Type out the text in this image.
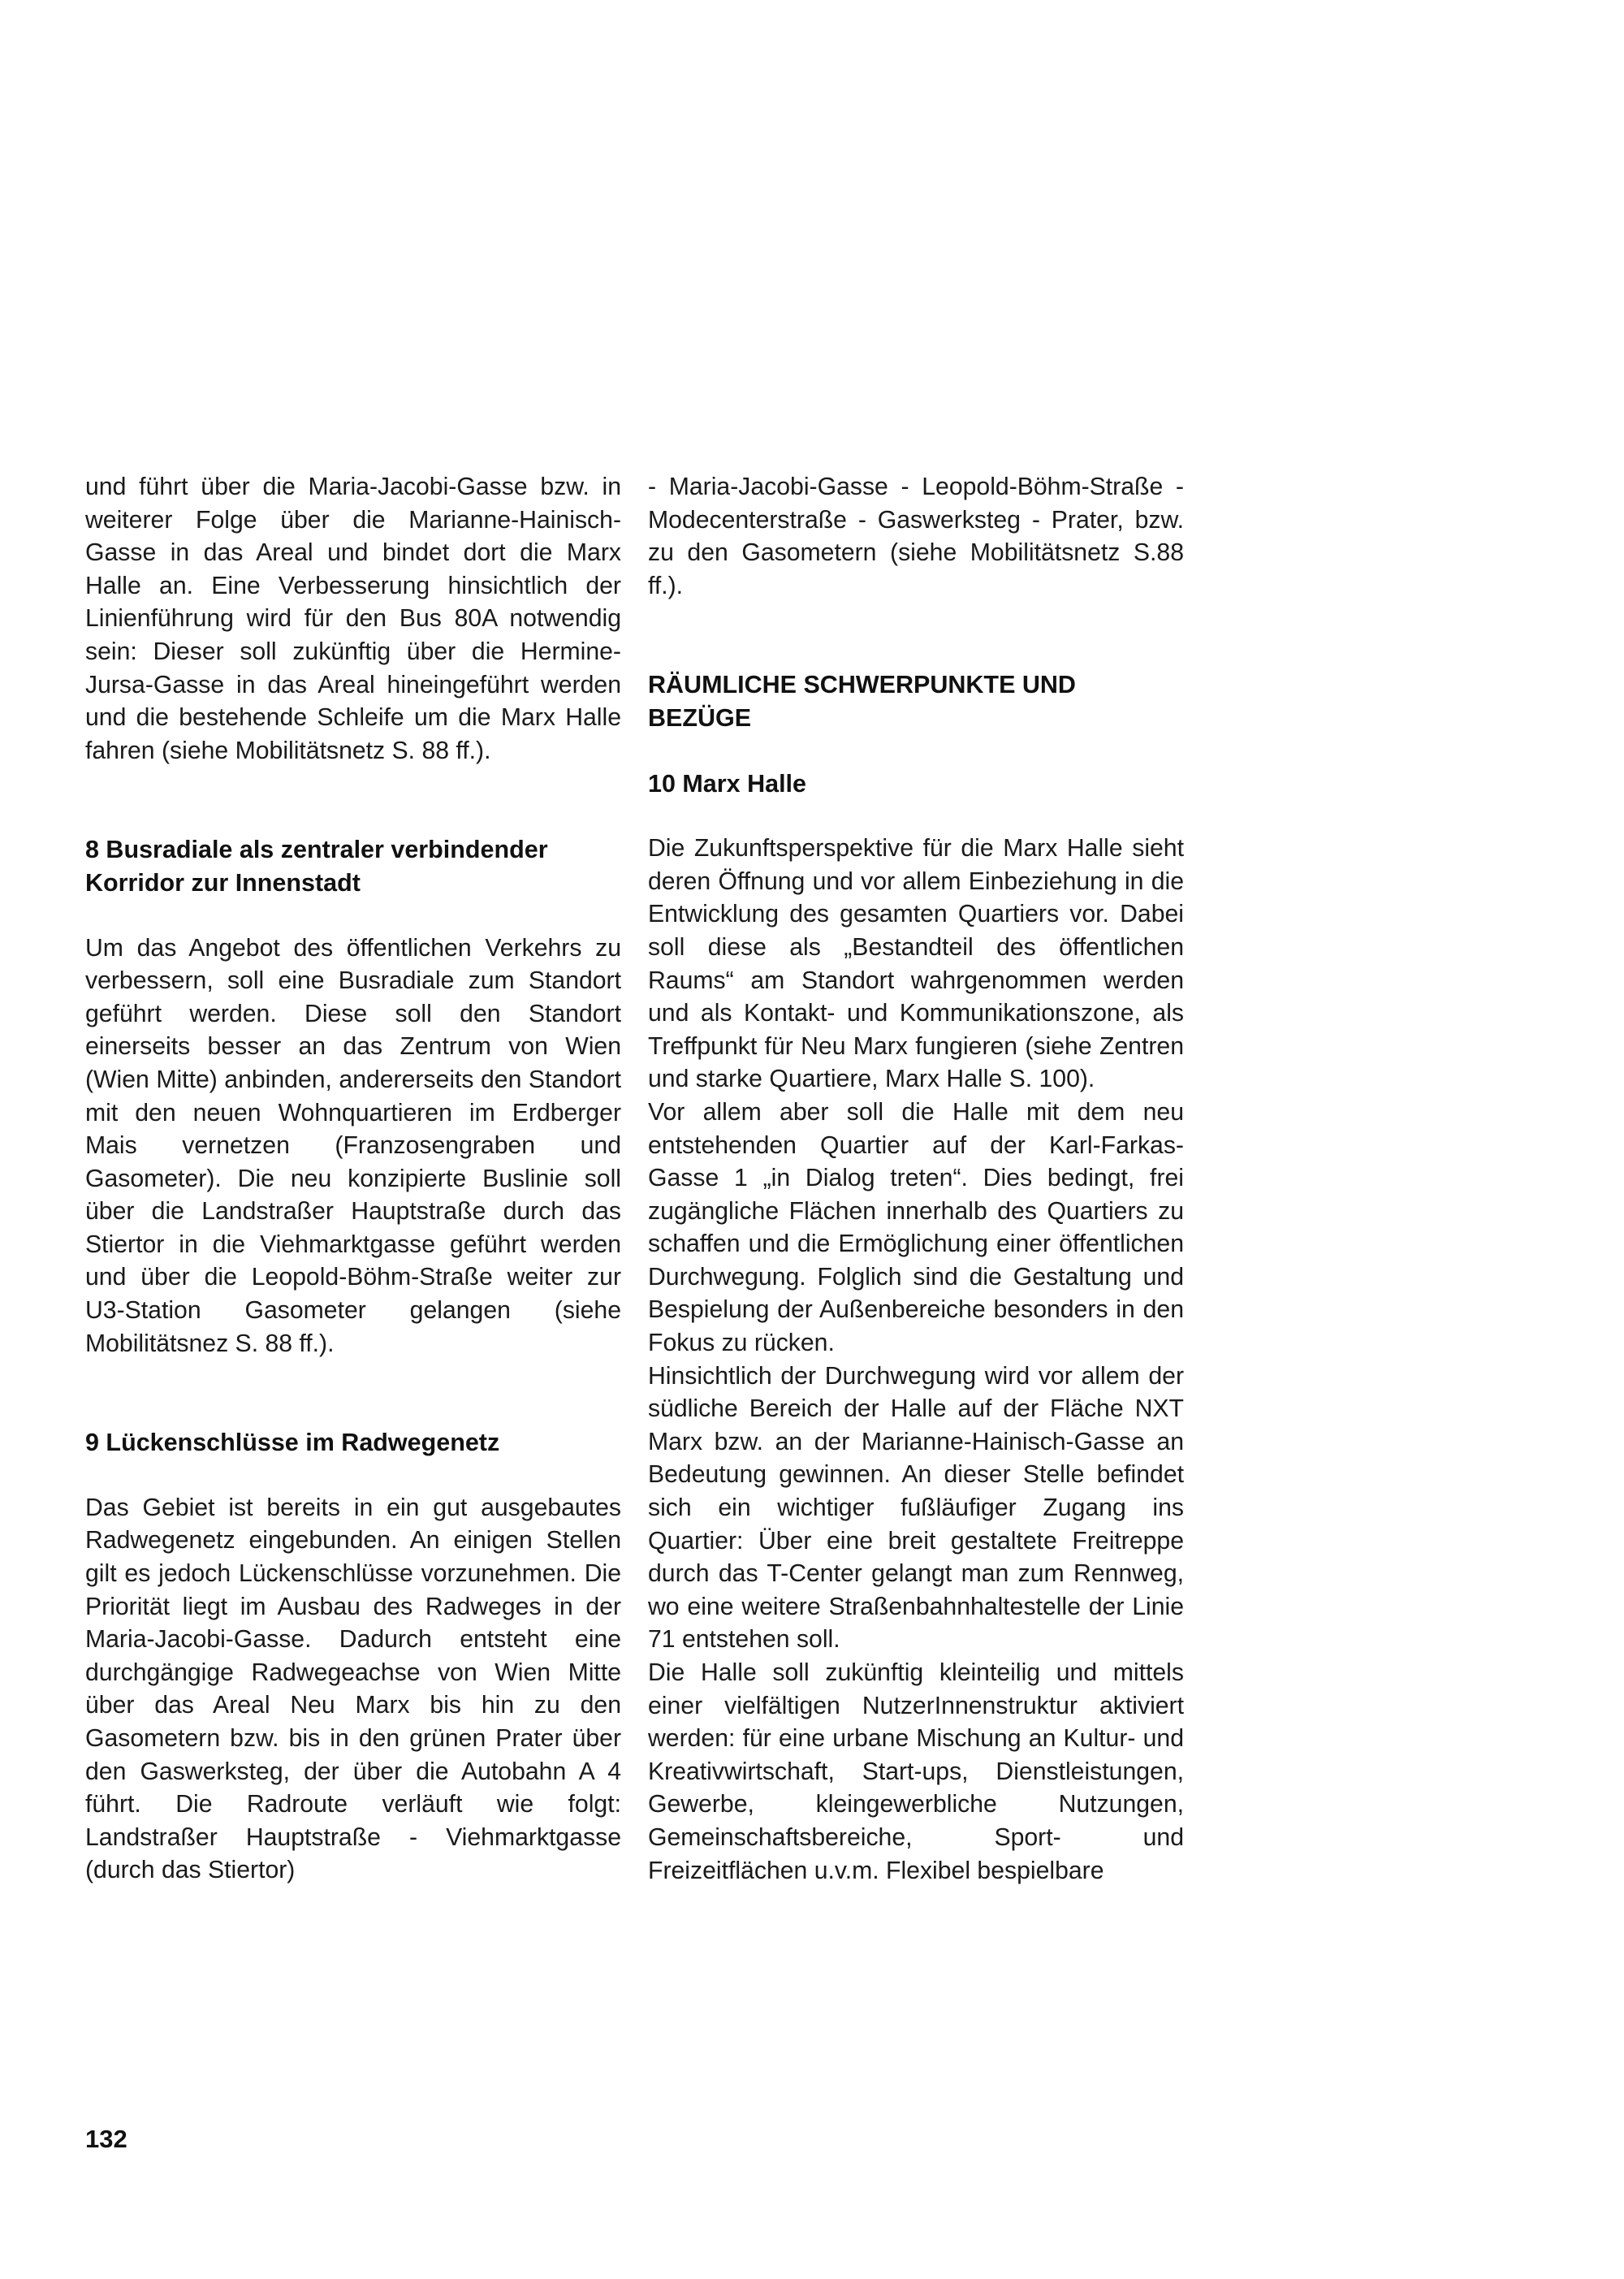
und führt über die Maria-Jacobi-Gasse bzw. in weiterer Folge über die Marianne-Hainisch-Gasse in das Areal und bindet dort die Marx Halle an. Eine Verbesserung hinsichtlich der Linienführung wird für den Bus 80A notwendig sein: Dieser soll zukünftig über die Hermine-Jursa-Gasse in das Areal hineingeführt werden und die bestehende Schleife um die Marx Halle fahren (siehe Mobilitätsnetz S. 88 ff.).

8 Busradiale als zentraler verbindender Korridor zur Innenstadt

Um das Angebot des öffentlichen Verkehrs zu verbessern, soll eine Busradiale zum Standort geführt werden. Diese soll den Standort einerseits besser an das Zentrum von Wien (Wien Mitte) anbinden, andererseits den Standort mit den neuen Wohnquartieren im Erdberger Mais vernetzen (Franzosengraben und Gasometer). Die neu konzipierte Buslinie soll über die Landstraßer Hauptstraße durch das Stiertor in die Viehmarktgasse geführt werden und über die Leopold-Böhm-Straße weiter zur U3-Station Gasometer gelangen (siehe Mobilitätsnez S. 88 ff.).

9 Lückenschlüsse im Radwegenetz

Das Gebiet ist bereits in ein gut ausgebautes Radwegenetz eingebunden. An einigen Stellen gilt es jedoch Lückenschlüsse vorzunehmen. Die Priorität liegt im Ausbau des Radweges in der Maria-Jacobi-Gasse. Dadurch entsteht eine durchgängige Radwegeachse von Wien Mitte über das Areal Neu Marx bis hin zu den Gasometern bzw. bis in den grünen Prater über den Gaswerksteg, der über die Autobahn A 4 führt. Die Radroute verläuft wie folgt: Landstraßer Hauptstraße - Viehmarktgasse (durch das Stiertor)

- Maria-Jacobi-Gasse - Leopold-Böhm-Straße - Modecenterstraße - Gaswerksteg - Prater, bzw. zu den Gasometern (siehe Mobilitätsnetz S.88 ff.).

RÄUMLICHE SCHWERPUNKTE UND BEZÜGE
10 Marx Halle

Die Zukunftsperspektive für die Marx Halle sieht deren Öffnung und vor allem Einbeziehung in die Entwicklung des gesamten Quartiers vor. Dabei soll diese als „Bestandteil des öffentlichen Raums“ am Standort wahrgenommen werden und als Kontakt- und Kommunikationszone, als Treffpunkt für Neu Marx fungieren (siehe Zentren und starke Quartiere, Marx Halle S. 100).

Vor allem aber soll die Halle mit dem neu entstehenden Quartier auf der Karl-Farkas-Gasse 1 „in Dialog treten“. Dies bedingt, frei zugängliche Flächen innerhalb des Quartiers zu schaffen und die Ermöglichung einer öffentlichen Durchwegung. Folglich sind die Gestaltung und Bespielung der Außenbereiche besonders in den Fokus zu rücken.

Hinsichtlich der Durchwegung wird vor allem der südliche Bereich der Halle auf der Fläche NXT Marx bzw. an der Marianne-Hainisch-Gasse an Bedeutung gewinnen. An dieser Stelle befindet sich ein wichtiger fußläufiger Zugang ins Quartier: Über eine breit gestaltete Freitreppe durch das T-Center gelangt man zum Rennweg, wo eine weitere Straßenbahnhaltestelle der Linie 71 entstehen soll.

Die Halle soll zukünftig kleinteilig und mittels einer vielfältigen NutzerInnenstruktur aktiviert werden: für eine urbane Mischung an Kultur- und Kreativwirtschaft, Start-ups, Dienstleistungen, Gewerbe, kleingewerbliche Nutzungen, Gemeinschaftsbereiche, Sport- und Freizeitflächen u.v.m. Flexibel bespielbare

132
